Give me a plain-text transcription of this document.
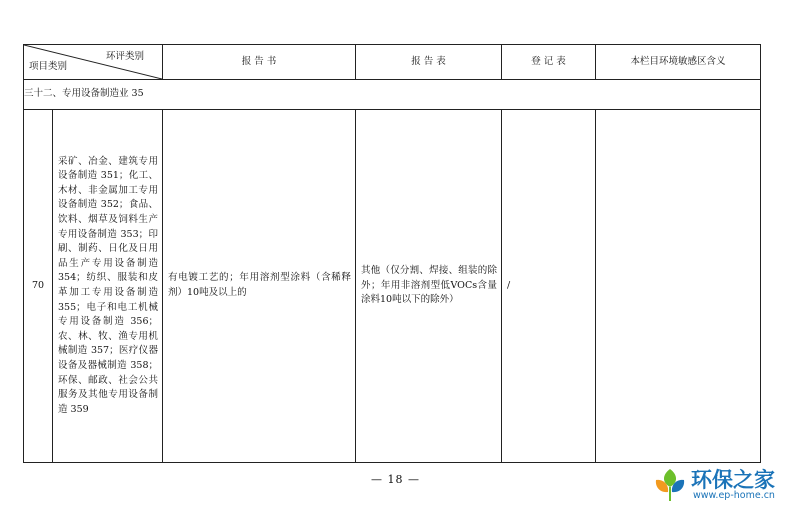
环评类别
项目类别		报 告 书	报 告 表	登 记 表	本栏目环境敏感区含义
三十二、专用设备制造业 35					
70	采矿、冶金、建筑专用设备制造 351；化工、木材、非金属加工专用设备制造 352；食品、饮料、烟草及饲料生产专用设备制造 353；印刷、制药、日化及日用品生产专用设备制造 354；纺织、服装和皮革加工专用设备制造 355；电子和电工机械专用设备制造 356；农、林、牧、渔专用机械制造 357；医疗仪器设备及器械制造 358； 环保、邮政、社会公共服务及其他专用设备制造 359	有电镀工艺的；年用溶剂型涂料（含稀释剂）10吨及以上的	其他（仅分割、焊接、组装的除外；年用非溶剂型低VOCs含量涂料10吨以下的除外）	/	
— 18 —	环保之家
www.ep-home.cn
